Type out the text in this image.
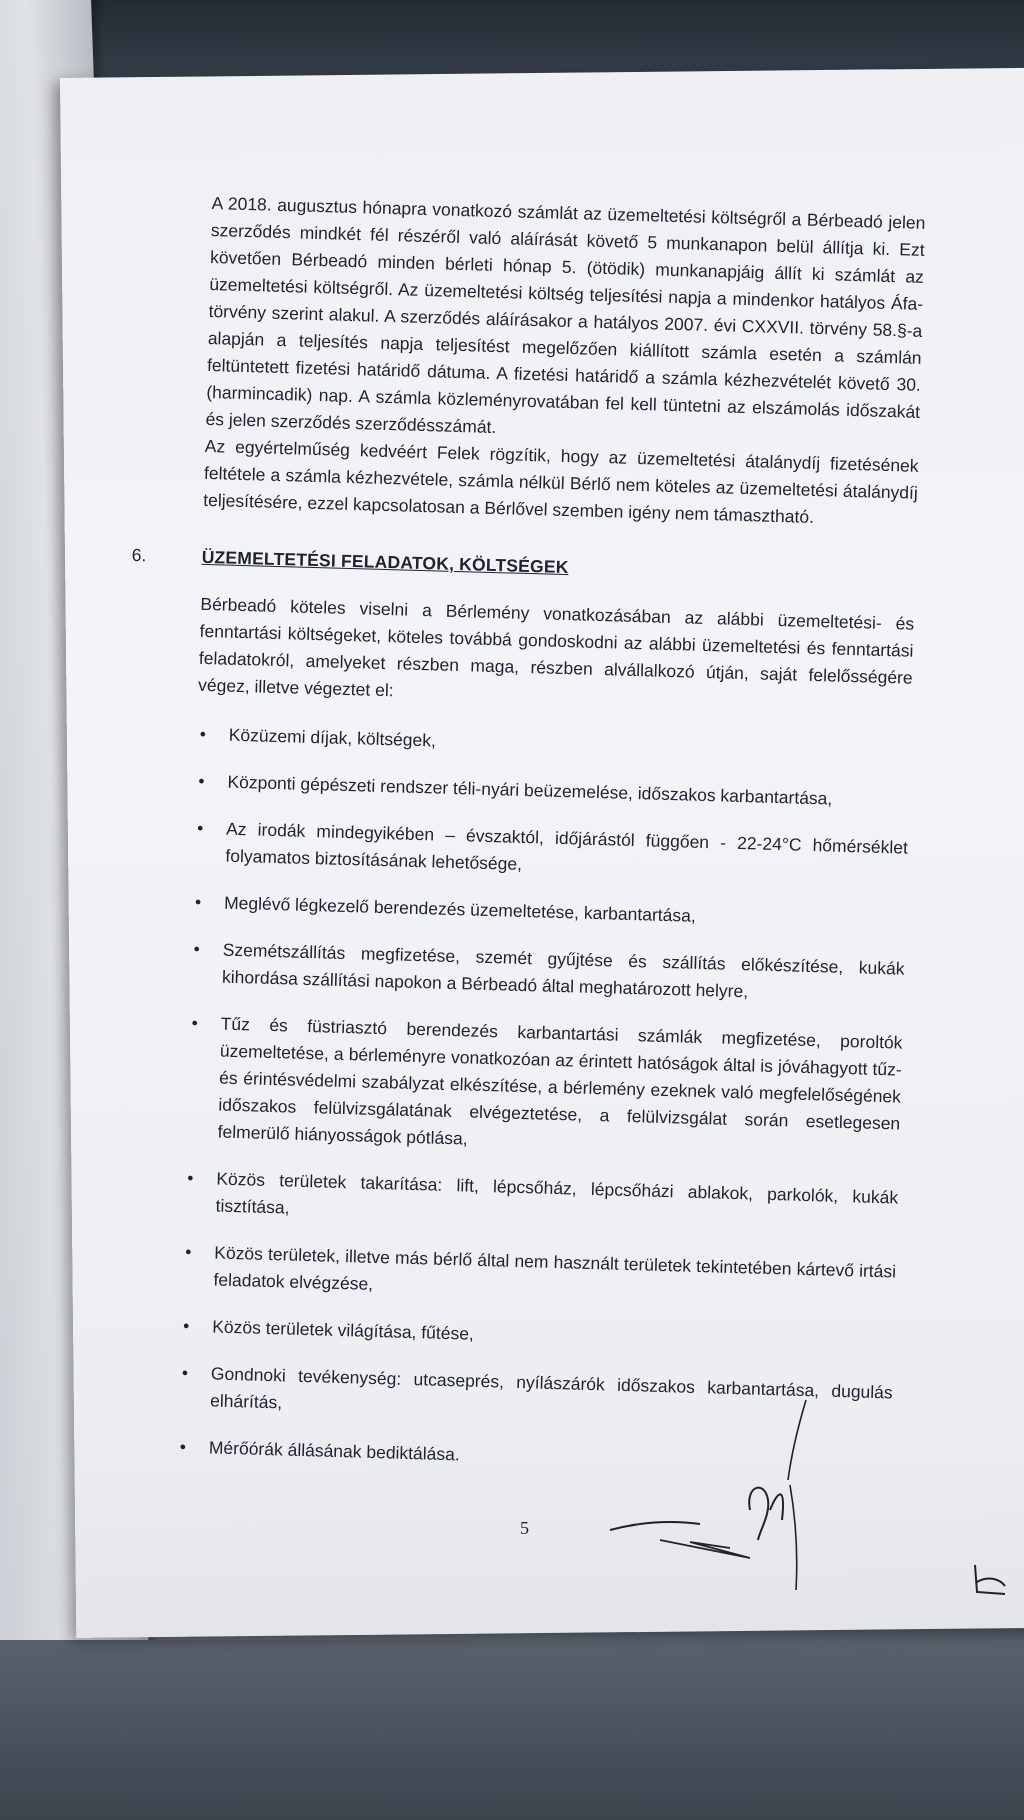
A 2018. augusztus hónapra vonatkozó számlát az üzemeltetési költségről a Bérbeadó jelen szerződés mindkét fél részéről való aláírását követő 5 munkanapon belül állítja ki. Ezt követően Bérbeadó minden bérleti hónap 5. (ötödik) munkanapjáig állít ki számlát az üzemeltetési költségről. Az üzemeltetési költség teljesítési napja a mindenkor hatályos Áfa-törvény szerint alakul. A szerződés aláírásakor a hatályos 2007. évi CXXVII. törvény 58.§-a alapján a teljesítés napja teljesítést megelőzően kiállított számla esetén a számlán feltüntetett fizetési határidő dátuma. A fizetési határidő a számla kézhezvételét követő 30. (harmincadik) nap. A számla közleményrovatában fel kell tüntetni az elszámolás időszakát és jelen szerződés szerződésszámát.

Az egyértelműség kedvéért Felek rögzítik, hogy az üzemeltetési átalánydíj fizetésének feltétele a számla kézhezvétele, számla nélkül Bérlő nem köteles az üzemeltetési átalánydíj teljesítésére, ezzel kapcsolatosan a Bérlővel szemben igény nem támasztható.

6.	ÜZEMELTETÉSI FELADATOK, KÖLTSÉGEK

Bérbeadó köteles viselni a Bérlemény vonatkozásában az alábbi üzemeltetési- és fenntartási költségeket, köteles továbbá gondoskodni az alábbi üzemeltetési és fenntartási feladatokról, amelyeket részben maga, részben alvállalkozó útján, saját felelősségére végez, illetve végeztet el:

• Közüzemi díjak, költségek,
• Központi gépészeti rendszer téli-nyári beüzemelése, időszakos karbantartása,
• Az irodák mindegyikében – évszaktól, időjárástól függően - 22-24°C hőmérséklet folyamatos biztosításának lehetősége,
• Meglévő légkezelő berendezés üzemeltetése, karbantartása,
• Szemétszállítás megfizetése, szemét gyűjtése és szállítás előkészítése, kukák kihordása szállítási napokon a Bérbeadó által meghatározott helyre,
• Tűz és füstriasztó berendezés karbantartási számlák megfizetése, poroltók üzemeltetése, a bérleményre vonatkozóan az érintett hatóságok által is jóváhagyott tűz- és érintésvédelmi szabályzat elkészítése, a bérlemény ezeknek való megfelelőségének időszakos felülvizsgálatának elvégeztetése, a felülvizsgálat során esetlegesen felmerülő hiányosságok pótlása,
• Közös területek takarítása: lift, lépcsőház, lépcsőházi ablakok, parkolók, kukák tisztítása,
• Közös területek, illetve más bérlő által nem használt területek tekintetében kártevő irtási feladatok elvégzése,
• Közös területek világítása, fűtése,
• Gondnoki tevékenység: utcaseprés, nyílászárók időszakos karbantartása, dugulás elhárítás,
• Mérőórák állásának bediktálása.
5
